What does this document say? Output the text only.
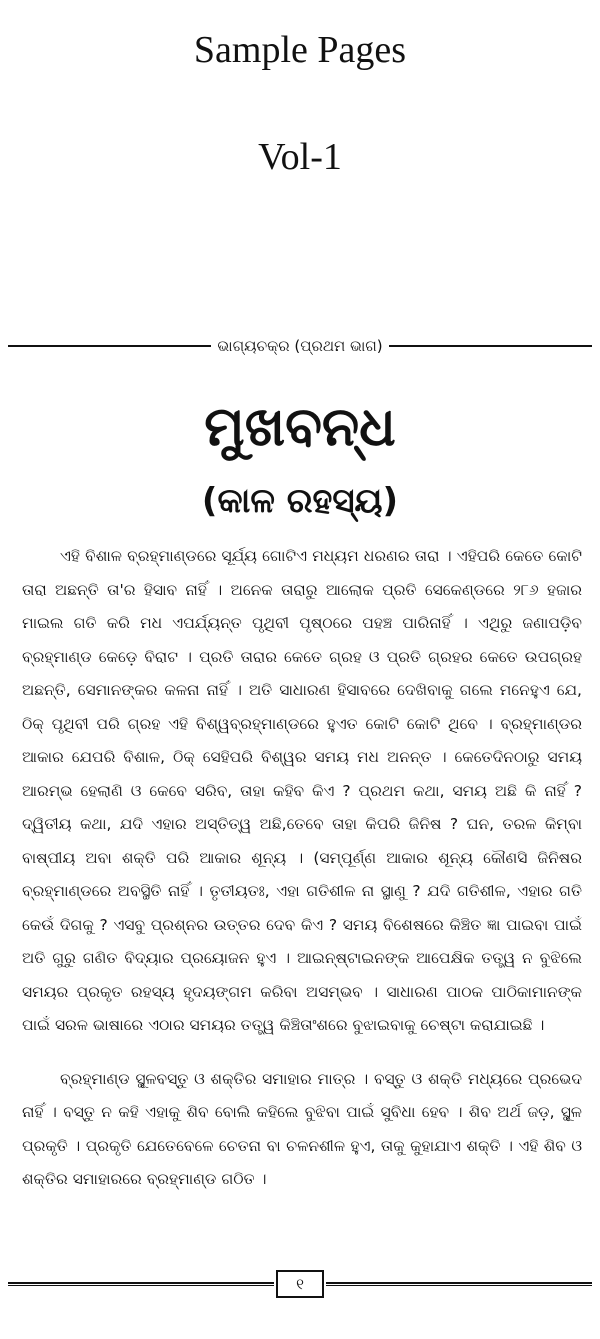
Sample Pages
Vol-1
ଭାଗ୍ୟଚକ୍ର (ପ୍ରଥମ ଭାଗ)
ମୁଖବନ୍ଧ
(କାଳ ରହସ୍ୟ)

ଏହି ବିଶାଳ ବ୍ରହ୍ମାଣ୍ଡରେ ସୂର୍ଯ୍ୟ ଗୋଟିଏ ମଧ୍ୟମ ଧରଣର ତାରା । ଏହିପରି କେତେ କୋଟି ତାରା ଅଛନ୍ତି ତା'ର ହିସାବ ନାହିଁ । ଅନେକ ତାରାରୁ ଆଲୋକ ପ୍ରତି ସେକେଣ୍ଡରେ ୨୮୬ ହଜାର ମାଇଲ ଗତି କରି ମଧ ଏପର୍ଯ୍ୟନ୍ତ ପୃଥିବୀ ପୃଷ୍ଠରେ ପହଞ୍ଚ ପାରିନାହିଁ । ଏଥିରୁ ଜଣାପଡ଼ିବ ବ୍ରହ୍ମାଣ୍ଡ କେଡ଼େ ବିରାଟ । ପ୍ରତି ତାରାର କେତେ ଗ୍ରହ ଓ ପ୍ରତି ଗ୍ରହର କେତେ ଉପଗ୍ରହ ଅଛନ୍ତି, ସେମାନଙ୍କର କଳନା ନାହିଁ । ଅତି ସାଧାରଣ ହିସାବରେ ଦେଖିବାକୁ ଗଲେ ମନେହୁଏ ଯେ, ଠିକ୍ ପୃଥିବୀ ପରି ଗ୍ରହ ଏହି ବିଶ୍ୱବ୍ରହ୍ମାଣ୍ଡରେ ହୁଏତ କୋଟି କୋଟି ଥିବେ । ବ୍ରହ୍ମାଣ୍ଡର ଆକାର ଯେପରି ବିଶାଳ, ଠିକ୍ ସେହିପରି ବିଶ୍ୱର ସମୟ ମଧ ଅନନ୍ତ । କେତେଦିନଠାରୁ ସମୟ ଆରମ୍ଭ ହେଲାଣି ଓ କେବେ ସରିବ, ତାହା କହିବ କିଏ ? ପ୍ରଥମ କଥା, ସମୟ ଅଛି କି ନାହିଁ ? ଦ୍ୱିତୀୟ କଥା, ଯଦି ଏହାର ଅସ୍ତିତ୍ୱ ଅଛି,ତେବେ ତାହା କିପରି ଜିନିଷ ? ଘନ, ତରଳ କିମ୍ବା ବାଷ୍ପୀୟ ଅବା ଶକ୍ତି ପରି ଆକାର ଶୂନ୍ୟ । (ସମ୍ପୂର୍ଣ୍ଣ ଆକାର ଶୂନ୍ୟ କୌଣସି ଜିନିଷର ବ୍ରହ୍ମାଣ୍ଡରେ ଅବସ୍ଥିତି ନାହିଁ । ତୃତୀୟତଃ, ଏହା ଗତିଶୀଳ ନା ସ୍ଥାଣୁ ? ଯଦି ଗତିଶୀଳ, ଏହାର ଗତି କେଉଁ ଦିଗକୁ ? ଏସବୁ ପ୍ରଶ୍ନର ଉତ୍ତର ଦେବ କିଏ ? ସମୟ ବିଶେଷରେ କିଞ୍ଚିତ ଜ୍ଞା ପାଇବା ପାଇଁ ଅତି ଗୁରୁ ଗଣିତ ବିଦ୍ୟାର ପ୍ରୟୋଜନ ହୁଏ । ଆଇନ୍ଷ୍ଟାଇନଙ୍କ ଆପେକ୍ଷିକ ତତ୍ତ୍ୱ ନ ବୁଝିଲେ ସମୟର ପ୍ରକୃତ ରହସ୍ୟ ହୃଦୟଙ୍ଗମ କରିବା ଅସମ୍ଭବ । ସାଧାରଣ ପାଠକ ପାଠିକାମାନଙ୍କ ପାଇଁ ସରଳ ଭାଷାରେ ଏଠାର ସମୟର ତତ୍ତ୍ୱ କିଞ୍ଚିତାଂଶରେ ବୁଝାଇବାକୁ ଚେଷ୍ଟା କରାଯାଇଛି ।

ବ୍ରହ୍ମାଣ୍ଡ ସ୍ଥୂଳବସ୍ତୁ ଓ ଶକ୍ତିର ସମାହାର ମାତ୍ର । ବସ୍ତୁ ଓ ଶକ୍ତି ମଧ୍ୟରେ ପ୍ରଭେଦ ନାହିଁ । ବସ୍ତୁ ନ କହି ଏହାକୁ ଶିବ ବୋଲି କହିଲେ ବୁଝିବା ପାଇଁ ସୁବିଧା ହେବ । ଶିବ ଅର୍ଥ ଜଡ଼, ସ୍ଥୂଳ ପ୍ରକୃତି । ପ୍ରକୃତି ଯେତେବେଳେ ଚେତନା ବା ଚଳନଶୀଳ ହୁଏ, ତାକୁ କୁହାଯାଏ ଶକ୍ତି । ଏହି ଶିବ ଓ ଶକ୍ତିର ସମାହାରରେ ବ୍ରହ୍ମାଣ୍ଡ ଗଠିତ ।

୧
